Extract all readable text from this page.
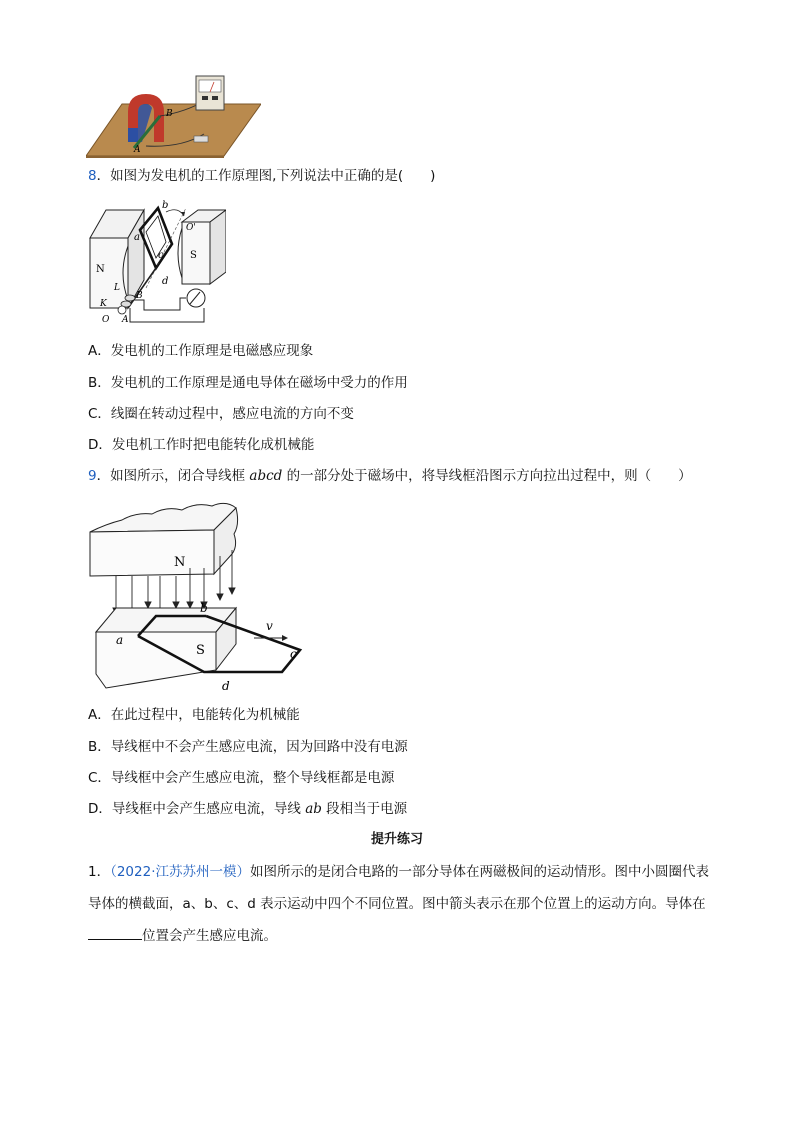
A
B
8．如图为发电机的工作原理图,下列说法中正确的是(　　)
N
S
a
b
c
d
O'
K
L
B
O A
A．发电机的工作原理是电磁感应现象
B．发电机的工作原理是通电导体在磁场中受力的作用
C．线圈在转动过程中，感应电流的方向不变
D．发电机工作时把电能转化成机械能
9．如图所示，闭合导线框 abcd 的一部分处于磁场中，将导线框沿图示方向拉出过程中，则（　　）
N
S
a
b
c
d
v
A．在此过程中，电能转化为机械能
B．导线框中不会产生感应电流，因为回路中没有电源
C．导线框中会产生感应电流，整个导线框都是电源
D．导线框中会产生感应电流，导线 ab 段相当于电源
提升练习
1．（2022·江苏苏州一模）如图所示的是闭合电路的一部分导体在两磁极间的运动情形。图中小圆圈代表导体的横截面，a、b、c、d 表示运动中四个不同位置。图中箭头表示在那个位置上的运动方向。导体在位置会产生感应电流。
